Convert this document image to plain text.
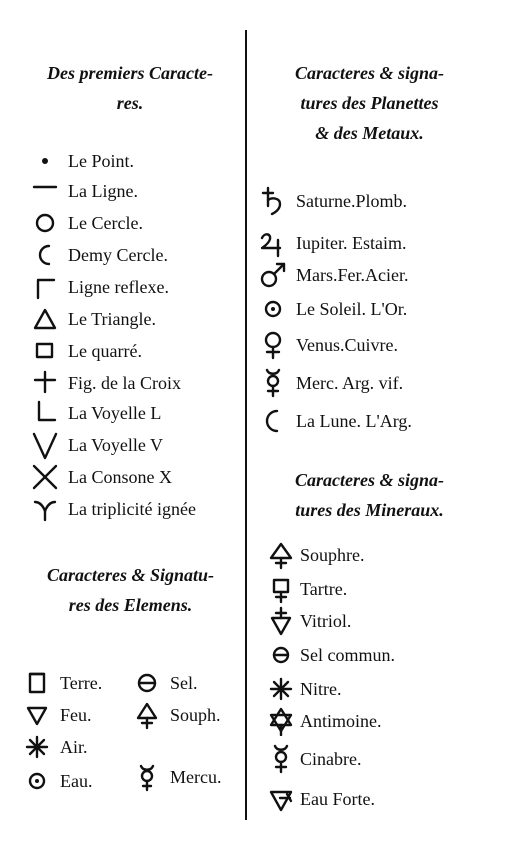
Des premiers Caracte-
res.
Caracteres & Signatu-
res des Elemens.
Caracteres & signa-
tures des Planettes
& des Metaux.
Caracteres & signa-
tures des Mineraux.
Le Point.
La Ligne.
Le Cercle.
Demy Cercle.
Ligne reflexe.
Le Triangle.
Le quarré.
Fig. de la Croix
La Voyelle L
La Voyelle V
La Consone X
La triplicité ignée
Terre.	Sel.
Feu.	Souph.
Air.
Eau.	Mercu.
Saturne.Plomb.
Iupiter. Estaim.
Mars.Fer.Acier.
Le Soleil. L'Or.
Venus.Cuivre.
Merc. Arg. vif.
La Lune. L'Arg.
Souphre.
Tartre.
Vitriol.
Sel commun.
Nitre.
Antimoine.
Cinabre.
Eau Forte.
